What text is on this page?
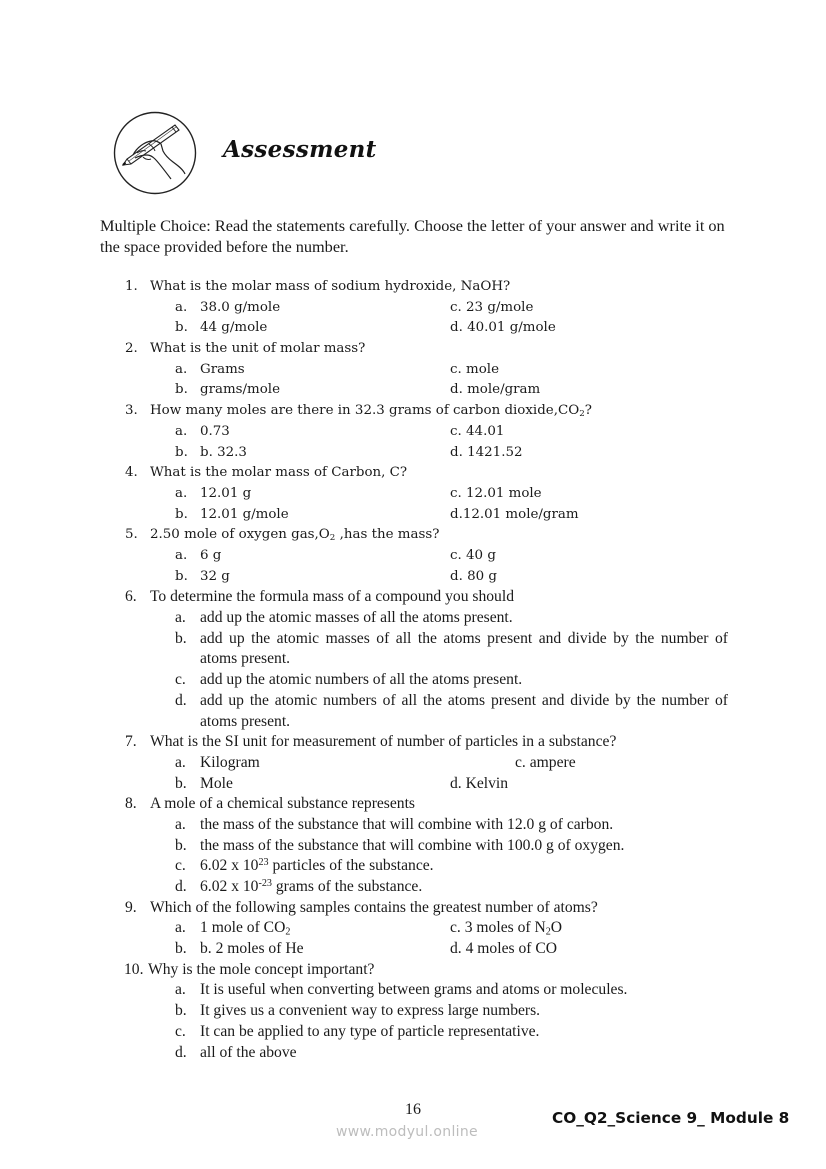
Assessment
Multiple Choice: Read the statements carefully. Choose the letter of your answer and write it on the space provided before the number.
1. What is the molar mass of sodium hydroxide, NaOH?
a. 38.0 g/mole	c. 23 g/mole
b. 44 g/mole	d. 40.01 g/mole
2. What is the unit of molar mass?
a. Grams	c. mole
b. grams/mole	d. mole/gram
3. How many moles are there in 32.3 grams of carbon $dioxide,CO_2$?
a. 0.73	c. 44.01
b. b. 32.3	d. 1421.52
4. What is the molar mass of Carbon, C?
a. 12.01 g	c. 12.01 mole
b. 12.01 g/mole	d.12.01 mole/gram
5. 2.50 mole of oxygen $gas,O_2$ ,has the mass?
a. 6 g	c. 40 g
b. 32 g	d. 80 g
6. To determine the formula mass of a compound you should
a. add up the atomic masses of all the atoms present.
b. add up the atomic masses of all the atoms present and divide by the number of atoms present.
c. add up the atomic numbers of all the atoms present.
d. add up the atomic numbers of all the atoms present and divide by the number of atoms present.
7. What is the SI unit for measurement of number of particles in a substance?
a. Kilogram	c. ampere
b. Mole	d. Kelvin
8. A mole of a chemical substance represents
a. the mass of the substance that will combine with 12.0 g of carbon.
b. the mass of the substance that will combine with 100.0 g of oxygen.
c. 6.02 x $10^{23}$ particles of the substance.
d. 6.02 x $10^{-23}$ grams of the substance.
9. Which of the following samples contains the greatest number of atoms?
a. 1 mole of $CO_2$	c. 3 moles of $N_2O$
b. b. 2 moles of He	d. 4 moles of CO
10. Why is the mole concept important?
a. It is useful when converting between grams and atoms or molecules.
b. It gives us a convenient way to express large numbers.
c. It can be applied to any type of particle representative.
d. all of the above
16	CO_Q2_Science 9_ Module 8
www.modyul.online
